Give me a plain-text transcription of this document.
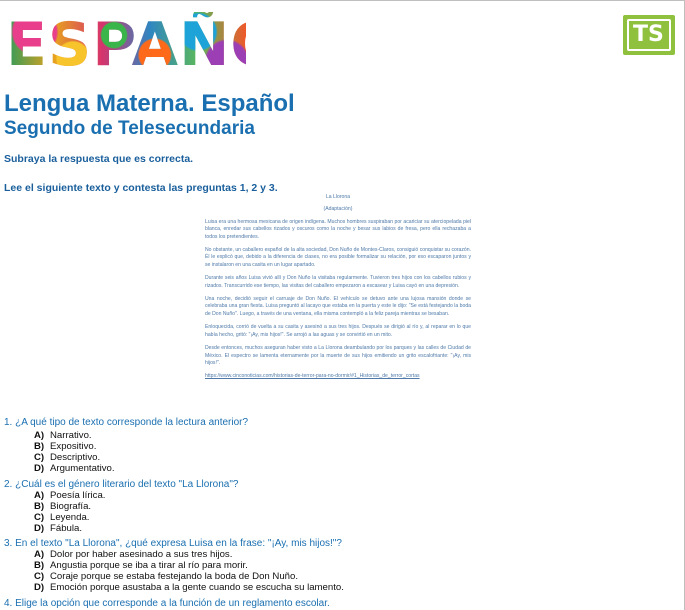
ESPAÑOL	TS
Lengua Materna. Español
Segundo de Telesecundaria
Subraya la respuesta que es correcta.
Lee el siguiente texto y contesta las preguntas 1, 2 y 3.
La Llorona
(Adaptación)

Luisa era una hermosa mexicana de origen indígena. Muchos hombres suspiraban por acariciar su aterciopelada piel blanca, enredar sus cabellos rizados y oscuros como la noche y besar sus labios de fresa, pero ella rechazaba a todos los pretendientes.

No obstante, un caballero español de la alta sociedad, Don Nuño de Montes-Claros, consiguió conquistar su corazón. Él le explicó que, debido a la diferencia de clases, no era posible formalizar su relación, por eso escaparon juntos y se instalaron en una casita en un lugar apartado.

Durante seis años Luisa vivió allí y Don Nuño la visitaba regularmente. Tuvieron tres hijos con los cabellos rubios y rizados. Transcurrido ese tiempo, las visitas del caballero empezaron a escasear y Luisa cayó en una depresión.

Una noche, decidió seguir el carruaje de Don Nuño. El vehículo se detuvo ante una lujosa mansión donde se celebraba una gran fiesta. Luisa preguntó al lacayo que estaba en la puerta y este le dijo: "Se está festejando la boda de Don Nuño". Luego, a través de una ventana, ella misma contempló a la feliz pareja mientras se besaban.

Enloquecida, corrió de vuelta a su casita y asesinó a sus tres hijos. Después se dirigió al río y, al reparar en lo que había hecho, gritó: "¡Ay, mis hijos!". Se arrojó a las aguas y se convirtió en un mito.

Desde entonces, muchos aseguran haber visto a La Llorona deambulando por los parques y las calles de Ciudad de México. El espectro se lamenta eternamente por la muerte de sus hijos emitiendo un grito escalofriante: "¡Ay, mis hijos!".

https://www.cinconoticias.com/historias-de-terror-para-no-dormir/#1_Historias_de_terror_cortas
1. ¿A qué tipo de texto corresponde la lectura anterior?
A) Narrativo.
B) Expositivo.
C) Descriptivo.
D) Argumentativo.
2. ¿Cuál es el género literario del texto "La Llorona"?
A) Poesía lírica.
B) Biografía.
C) Leyenda.
D) Fábula.
3. En el texto "La Llorona", ¿qué expresa Luisa en la frase: "¡Ay, mis hijos!"?
A) Dolor por haber asesinado a sus tres hijos.
B) Angustia porque se iba a tirar al río para morir.
C) Coraje porque se estaba festejando la boda de Don Nuño.
D) Emoción porque asustaba a la gente cuando se escucha su lamento.
4. Elige la opción que corresponde a la función de un reglamento escolar.
